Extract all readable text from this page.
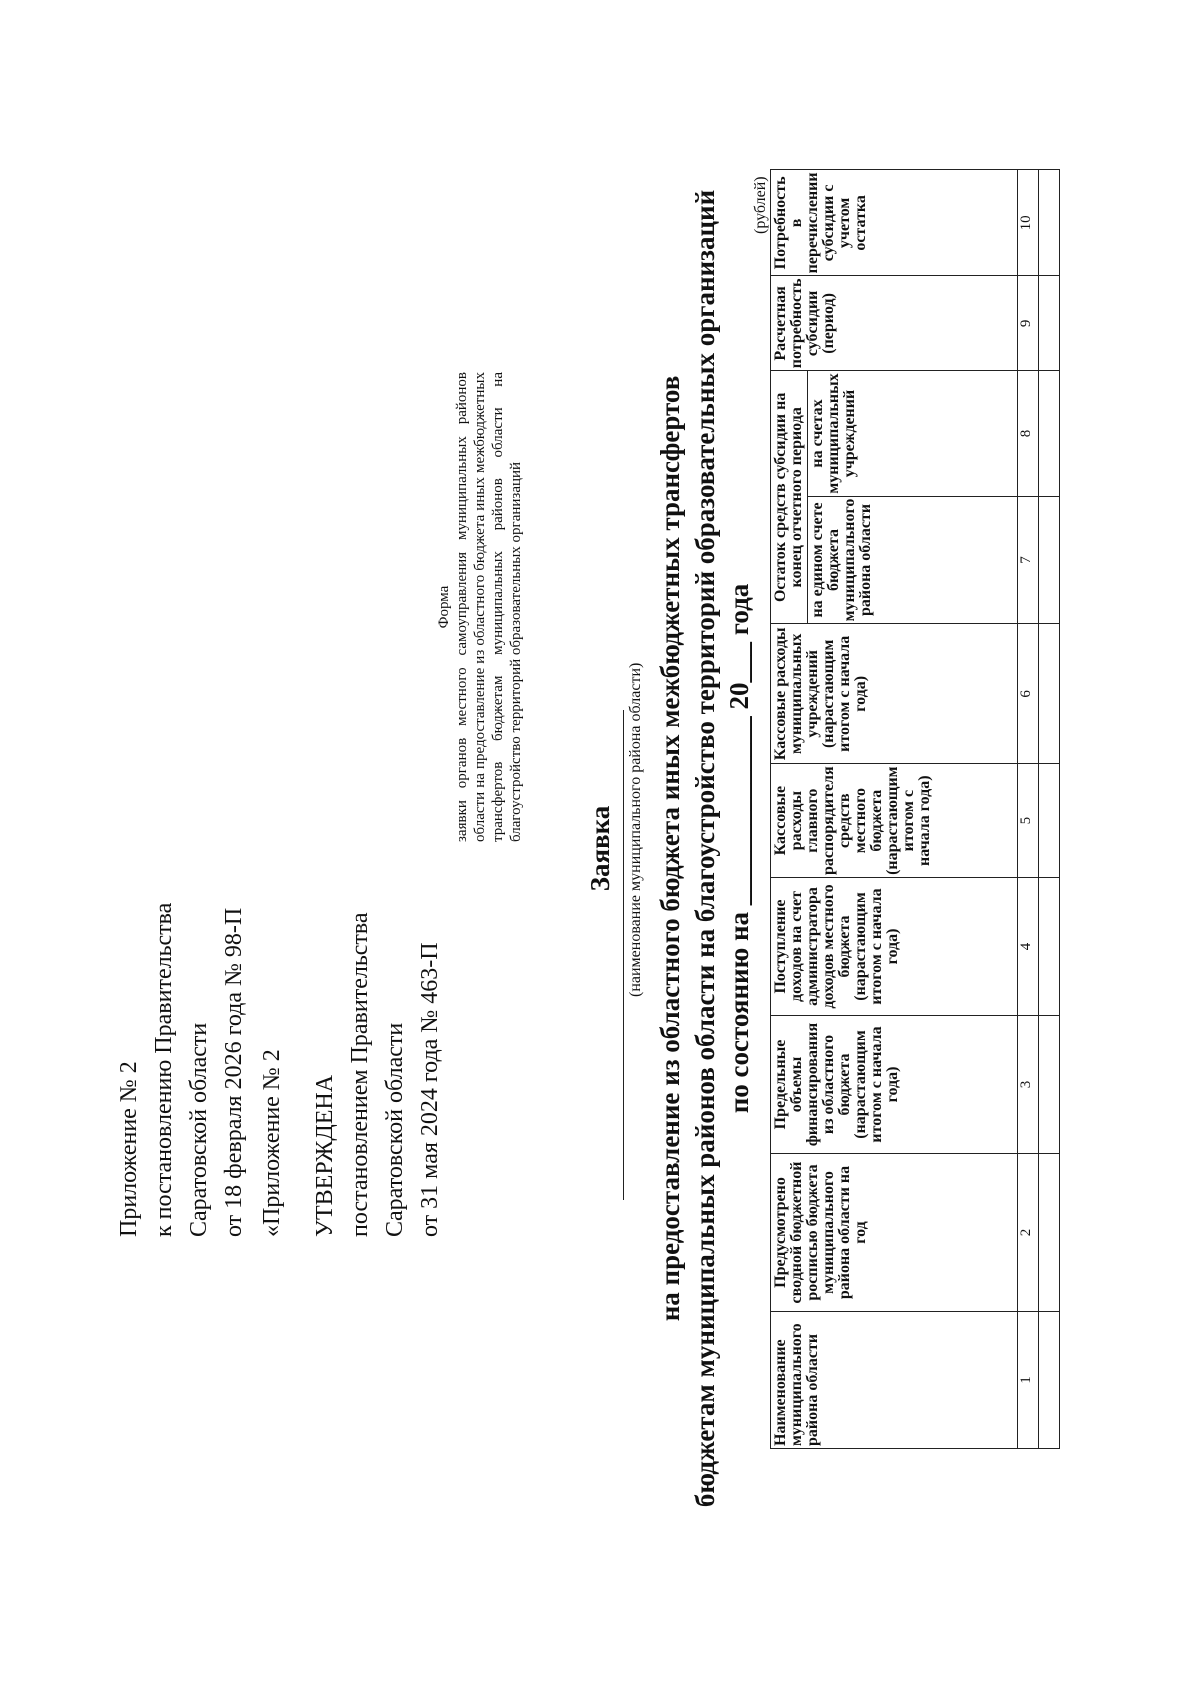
Приложение № 2 к постановлению Правительства Саратовской области от 18 февраля 2026 года № 98-П «Приложение № 2 УТВЕРЖДЕНА постановлением Правительства Саратовской области от 31 мая 2024 года № 463-П
Форма заявки органов местного самоуправления муниципальных районов области на предоставление из областного бюджета иных межбюджетных трансфертов бюджетам муниципальных районов области на благоустройство территорий образовательных организаций
Заявка (наименование муниципального района области) на предоставление из областного бюджета иных межбюджетных трансфертов бюджетам муниципальных районов области на благоустройство территорий образовательных организаций по состоянию на ______________ 20___ года
(рублей)
Наименование муниципального района области	Предусмотрено сводной бюджетной росписью бюджета муниципального района области на год	Предельные объемы финансирования из областного бюджета (нарастающим итогом с начала года)	Поступление доходов на счет администратора доходов местного бюджета (нарастающим итогом с начала года)	Кассовые расходы главного распорядителя средств местного бюджета (нарастающим итогом с начала года)	Кассовые расходы муниципальных учреждений (нарастающим итогом с начала года)	Остаток средств субсидии на конец отчетного периода		Расчетная потребность субсидии (период)	Потребность в перечислении субсидии с учетом остатка
						на едином счете бюджета муниципального района области	на счетах муниципальных учреждений		
1	2	3	4	5	6	7	8	9	10
